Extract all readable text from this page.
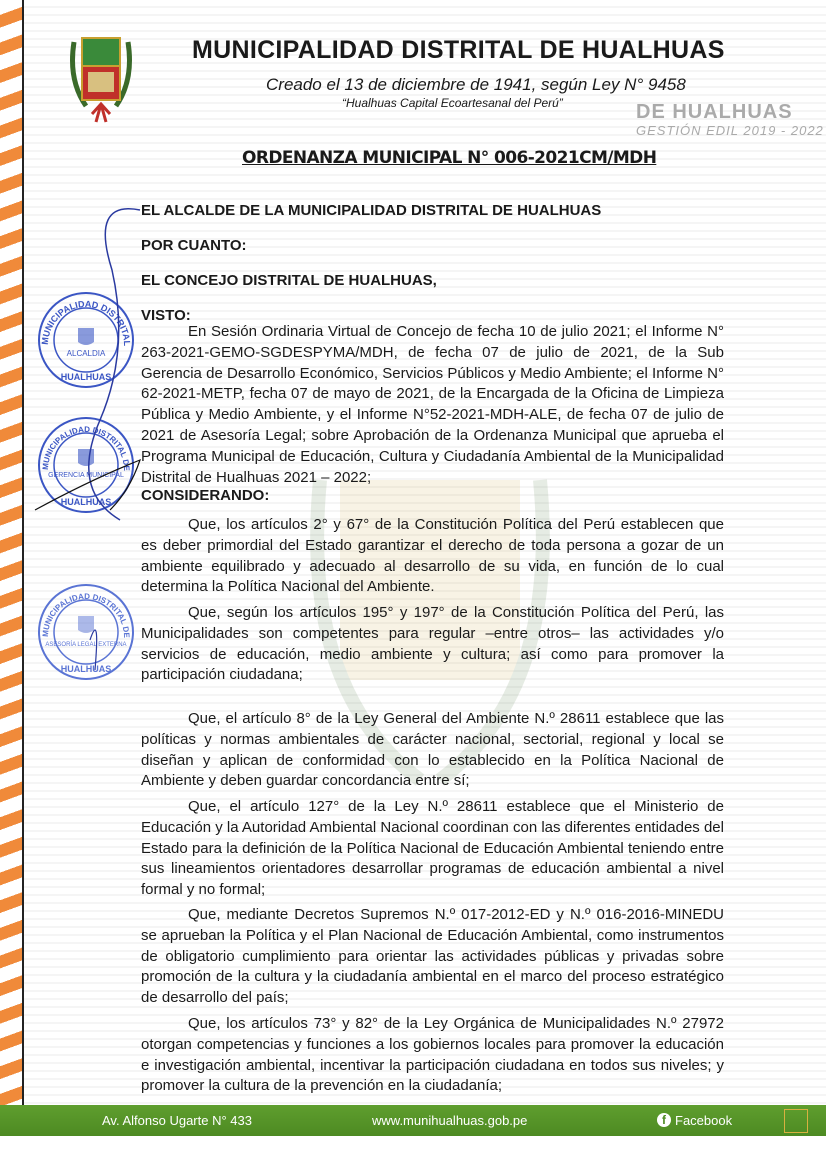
MUNICIPALIDAD DISTRITAL DE HUALHUAS
Creado el 13 de diciembre de 1941, según Ley N° 9458
“Hualhuas Capital Ecoartesanal del Perú”	DE HUALHUAS
GESTIÓN EDIL 2019 - 2022
ORDENANZA MUNICIPAL N° 006-2021CM/MDH
EL ALCALDE DE LA MUNICIPALIDAD DISTRITAL DE HUALHUAS
POR CUANTO:
EL CONCEJO DISTRITAL DE HUALHUAS,
VISTO:
En Sesión Ordinaria Virtual de Concejo de fecha 10 de julio 2021; el Informe N° 263-2021-GEMO-SGDESPYMA/MDH, de fecha 07 de julio de 2021, de la Sub Gerencia de Desarrollo Económico, Servicios Públicos y Medio Ambiente; el Informe N° 62-2021-METP, fecha 07 de mayo de 2021, de la Encargada de la Oficina de Limpieza Pública y Medio Ambiente, y el Informe N°52-2021-MDH-ALE, de fecha 07 de julio de 2021 de Asesoría Legal; sobre Aprobación de la Ordenanza Municipal que aprueba el Programa Municipal de Educación, Cultura y Ciudadanía Ambiental de la Municipalidad Distrital de Hualhuas 2021 – 2022;
CONSIDERANDO:
Que, los artículos 2° y 67° de la Constitución Política del Perú establecen que es deber primordial del Estado garantizar el derecho de toda persona a gozar de un ambiente equilibrado y adecuado al desarrollo de su vida, en función de lo cual determina la Política Nacional del Ambiente.
Que, según los artículos 195° y 197° de la Constitución Política del Perú, las Municipalidades son competentes para regular –entre otros– las actividades y/o servicios de educación, medio ambiente y cultura; así como para promover la participación ciudadana;
Que, el artículo 8° de la Ley General del Ambiente N.º 28611 establece que las políticas y normas ambientales de carácter nacional, sectorial, regional y local se diseñan y aplican de conformidad con lo establecido en la Política Nacional de Ambiente y deben guardar concordancia entre sí;
Que, el artículo 127° de la Ley N.º 28611 establece que el Ministerio de Educación y la Autoridad Ambiental Nacional coordinan con las diferentes entidades del Estado para la definición de la Política Nacional de Educación Ambiental teniendo entre sus lineamientos orientadores desarrollar programas de educación ambiental a nivel formal y no formal;
Que, mediante Decretos Supremos N.º 017-2012-ED y N.º 016-2016-MINEDU se aprueban la Política y el Plan Nacional de Educación Ambiental, como instrumentos de obligatorio cumplimiento para orientar las actividades públicas y privadas sobre promoción de la cultura y la ciudadanía ambiental en el marco del proceso estratégico de desarrollo del país;
Que, los artículos 73° y 82° de la Ley Orgánica de Municipalidades N.º 27972 otorgan competencias y funciones a los gobiernos locales para promover la educación e investigación ambiental, incentivar la participación ciudadana en todos sus niveles; y promover la cultura de la prevención en la ciudadanía;
MUNICIPALIDAD DISTRITAL
ALCALDIA
HUALHUAS
MUNICIPALIDAD DISTRITAL DE
GERENCIA MUNICIPAL
HUALHUAS
MUNICIPALIDAD DISTRITAL DE
ASESORÍA LEGAL EXTERNA
HUALHUAS
Av. Alfonso Ugarte N° 433	www.munihualhuas.gob.pe	f Facebook
